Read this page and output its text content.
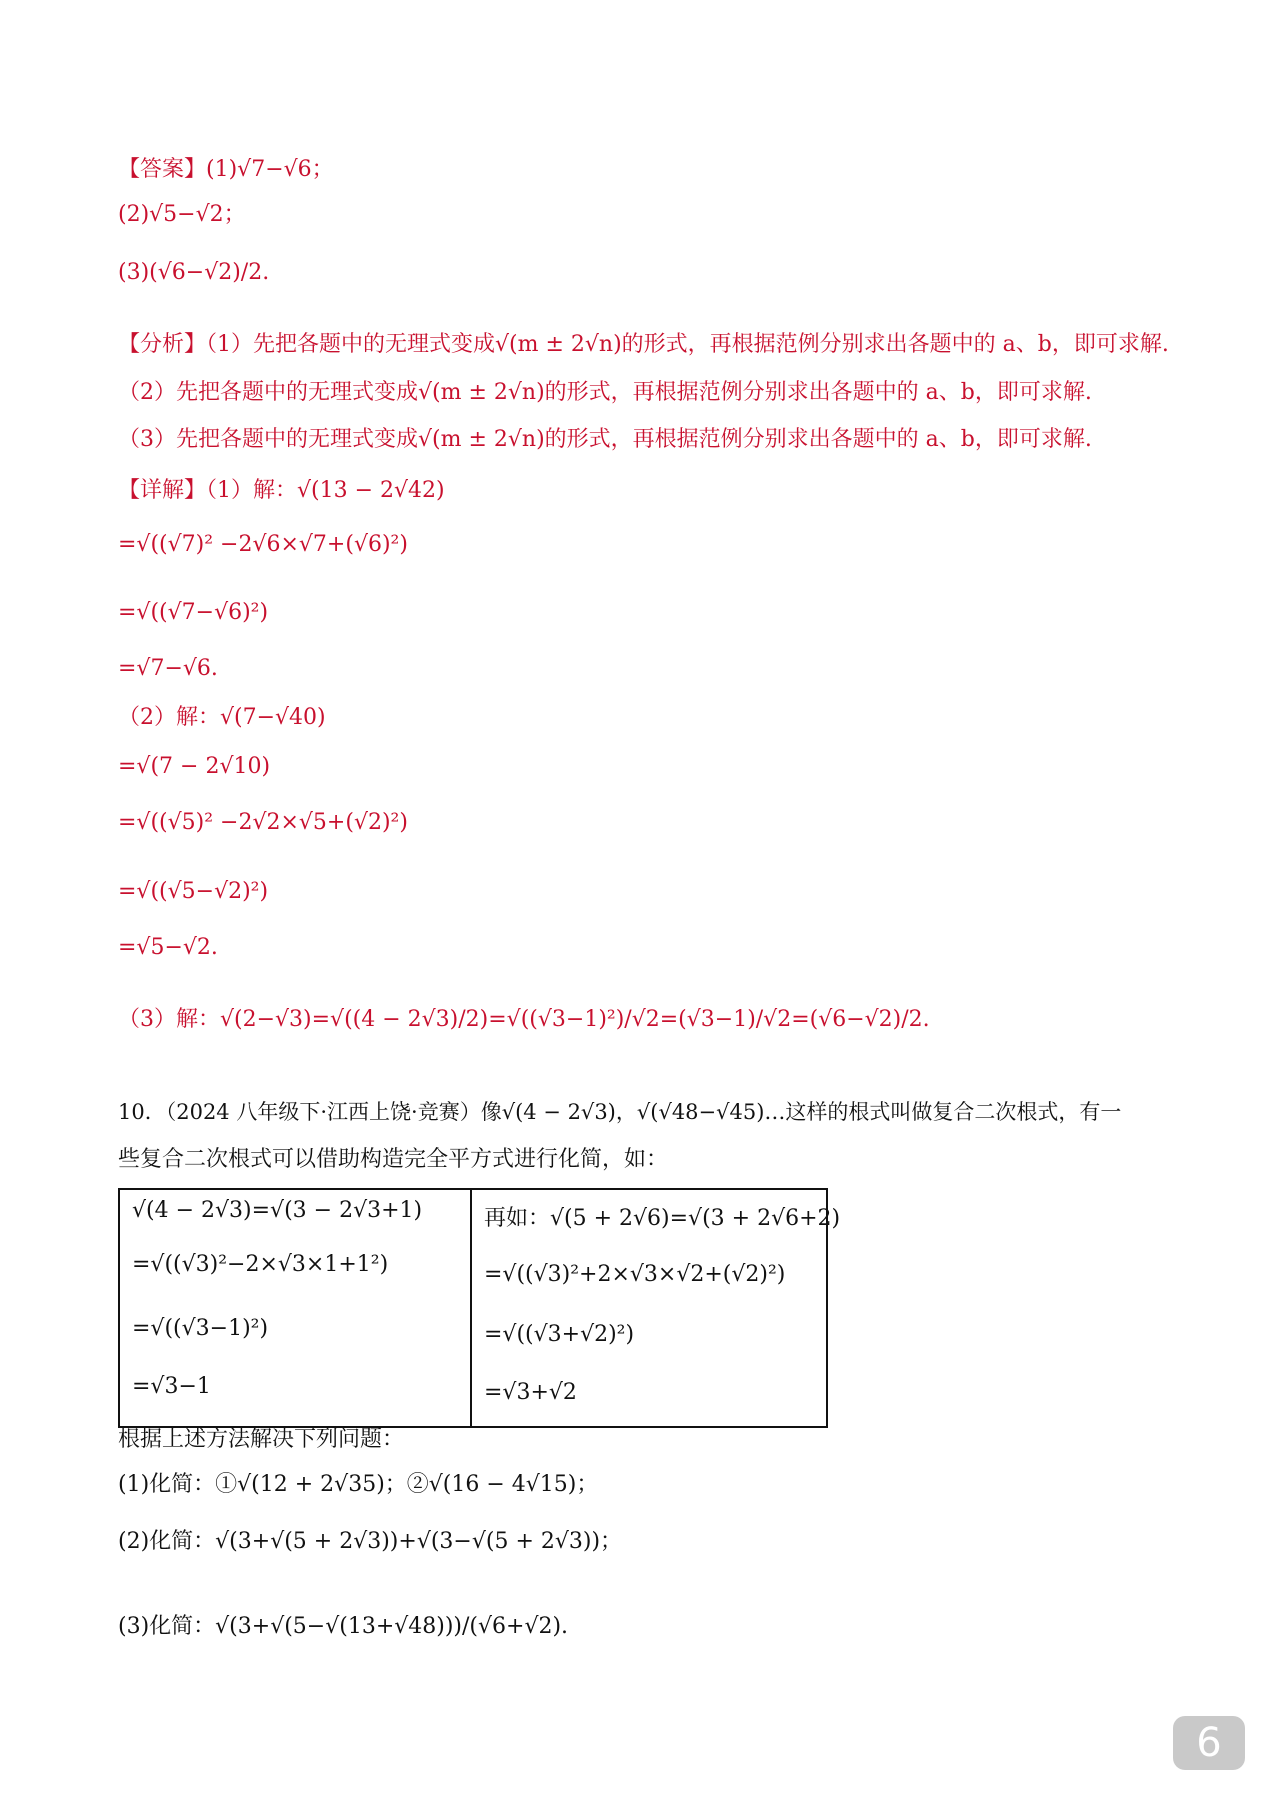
【答案】(1)√7−√6；
(2)√5−√2；
(3)(√6−√2)/2.
【分析】（1）先把各题中的无理式变成√(m ± 2√n)的形式，再根据范例分别求出各题中的 a、b，即可求解.
（2）先把各题中的无理式变成√(m ± 2√n)的形式，再根据范例分别求出各题中的 a、b，即可求解.
（3）先把各题中的无理式变成√(m ± 2√n)的形式，再根据范例分别求出各题中的 a、b，即可求解.
【详解】（1）解：√(13 − 2√42)
=√((√7)² −2√6×√7+(√6)²)
=√((√7−√6)²)
=√7−√6.
（2）解：√(7−√40)
=√(7 − 2√10)
=√((√5)² −2√2×√5+(√2)²)
=√((√5−√2)²)
=√5−√2.
（3）解：√(2−√3)=√((4 − 2√3)/2)=√((√3−1)²)/√2=(√3−1)/√2=(√6−√2)/2.
10．（2024 八年级下·江西上饶·竞赛）像√(4 − 2√3)，√(√48−√45)…这样的根式叫做复合二次根式，有一
些复合二次根式可以借助构造完全平方式进行化简，如：
√(4 − 2√3)=√(3 − 2√3+1)
=√((√3)²−2×√3×1+1²)
=√((√3−1)²)
=√3−1
再如：√(5 + 2√6)=√(3 + 2√6+2)
=√((√3)²+2×√3×√2+(√2)²)
=√((√3+√2)²)
=√3+√2
根据上述方法解决下列问题：
(1)化简：①√(12 + 2√35)；②√(16 − 4√15)；
(2)化简：√(3+√(5 + 2√3))+√(3−√(5 + 2√3))；
(3)化简：√(3+√(5−√(13+√48)))/(√6+√2).
6
